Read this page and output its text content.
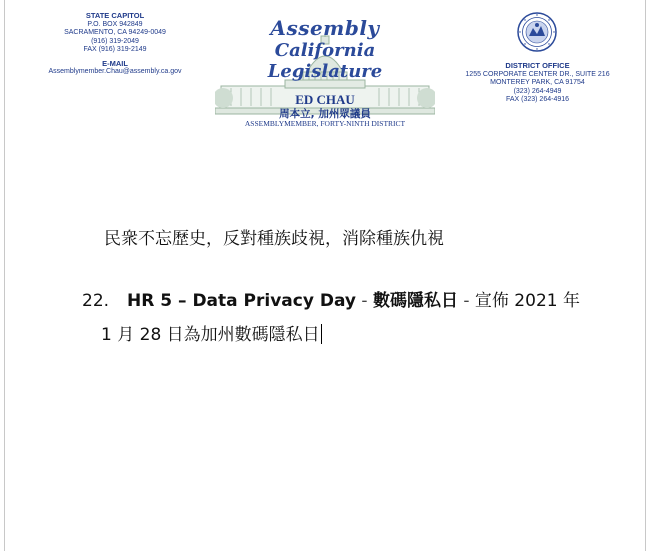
STATE CAPITOL
P.O. BOX 942849
SACRAMENTO, CA 94249-0049
(916) 319-2049
FAX (916) 319-2149
E-MAIL
Assemblymember.Chau@assembly.ca.gov
Assembly
California Legislature
ED CHAU
周本立, 加州眾議員
ASSEMBLYMEMBER, FORTY-NINTH DISTRICT
DISTRICT OFFICE
1255 CORPORATE CENTER DR., SUITE 216
MONTEREY PARK, CA 91754
(323) 264-4949
FAX (323) 264-4916
民衆不忘歷史，反對種族歧視，消除種族仇視
22. HR 5 – Data Privacy Day - 數碼隱私日 - 宣佈 2021 年
1 月 28 日為加州數碼隱私日
